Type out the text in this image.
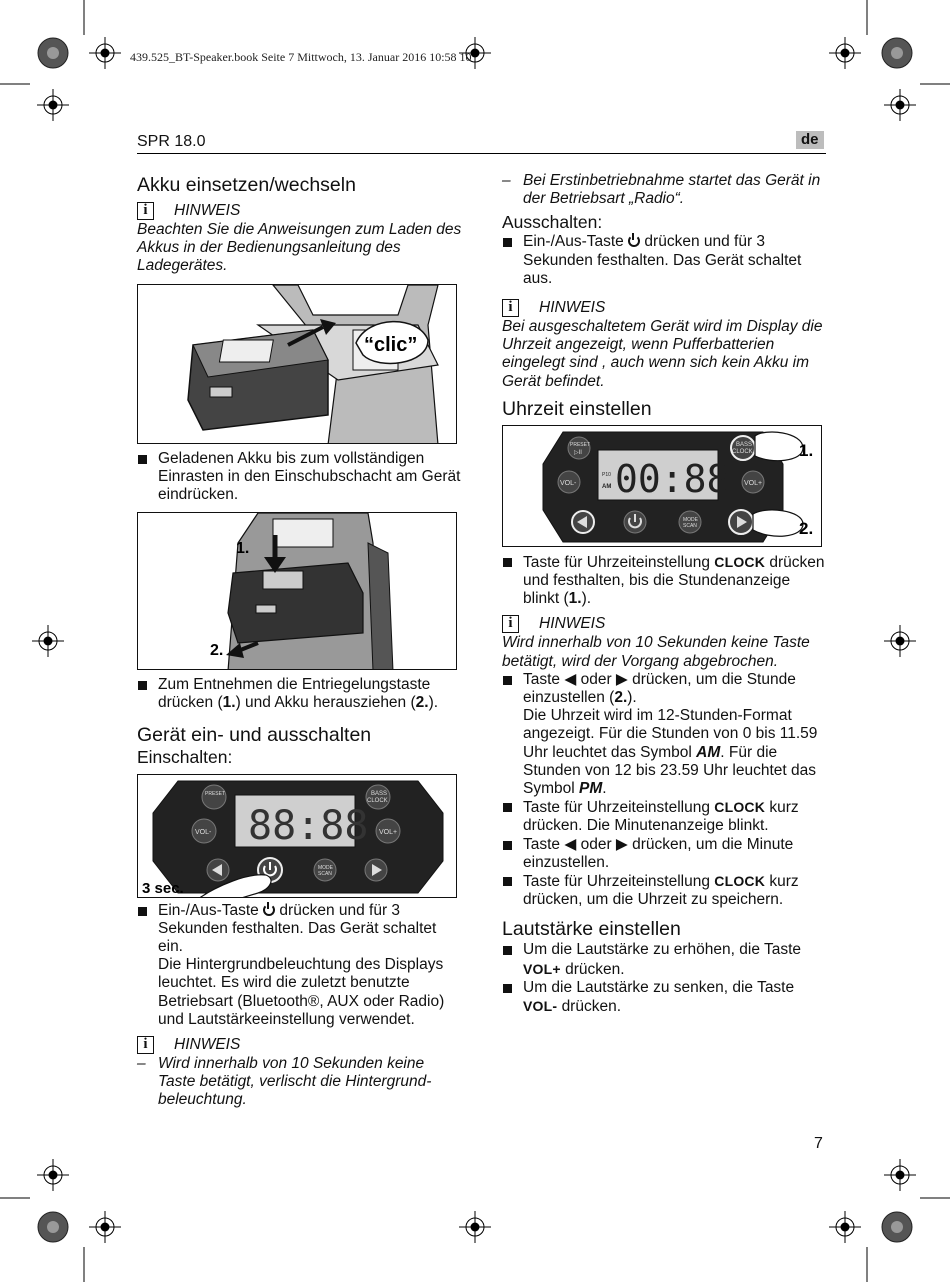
439.525_BT-Speaker.book Seite 7 Mittwoch, 13. Januar 2016 10:58 10
SPR 18.0	de
Akku einsetzen/wechseln
i	HINWEIS

Beachten Sie die Anweisungen zum Laden des Akkus in der Bedienungsanleitung des Ladegerätes.

“clic”

Geladenen Akku bis zum vollständigen Einrasten in den Einschubschacht am Gerät eindrücken.

1.
2.

Zum Entnehmen die Entriegelungstaste drücken (1.) und Akku herausziehen (2.).

Gerät ein- und ausschalten
Einschalten:
88:88
PRESET	BASS
CLOCK
VOL-	VOL+
MODE
SCAN
3 sec.

Ein-/Aus-Taste drücken und für 3 Sekunden festhalten. Das Gerät schaltet ein.

Die Hintergrundbeleuchtung des Displays leuchtet. Es wird die zuletzt benutzte Betriebsart (Bluetooth®, AUX oder Radio) und Lautstärkeeinstellung verwendet.

i	HINWEIS

– Wird innerhalb von 10 Sekunden keine Taste betätigt, verlischt die Hintergrundbeleuchtung.

– Bei Erstinbetriebnahme startet das Gerät in der Betriebsart „Radio“.

Ausschalten:

Ein-/Aus-Taste drücken und für 3 Sekunden festhalten. Das Gerät schaltet aus.

i	HINWEIS

Bei ausgeschaltetem Gerät wird im Display die Uhrzeit angezeigt, wenn Pufferbatterien eingelegt sind , auch wenn sich kein Akku im Gerät befindet.

Uhrzeit einstellen
00:88
P10
AM
PRESET
▷II
BASS
CLOCK
VOL-	VOL+
MODE
SCAN
1.
2.

Taste für Uhrzeiteinstellung CLOCK drücken und festhalten, bis die Stundenanzeige blinkt (1.).

i	HINWEIS

Wird innerhalb von 10 Sekunden keine Taste betätigt, wird der Vorgang abgebrochen.

Taste ◀ oder ▶ drücken, um die Stunde einzustellen (2.).

Die Uhrzeit wird im 12-Stunden-Format angezeigt. Für die Stunden von 0 bis 11.59 Uhr leuchtet das Symbol AM. Für die Stunden von 12 bis 23.59 Uhr leuchtet das Symbol PM.

Taste für Uhrzeiteinstellung CLOCK kurz drücken. Die Minutenanzeige blinkt.

Taste ◀ oder ▶ drücken, um die Minute einzustellen.

Taste für Uhrzeiteinstellung CLOCK kurz drücken, um die Uhrzeit zu speichern.

Lautstärke einstellen

Um die Lautstärke zu erhöhen, die Taste VOL+ drücken.

Um die Lautstärke zu senken, die Taste VOL- drücken.

7
